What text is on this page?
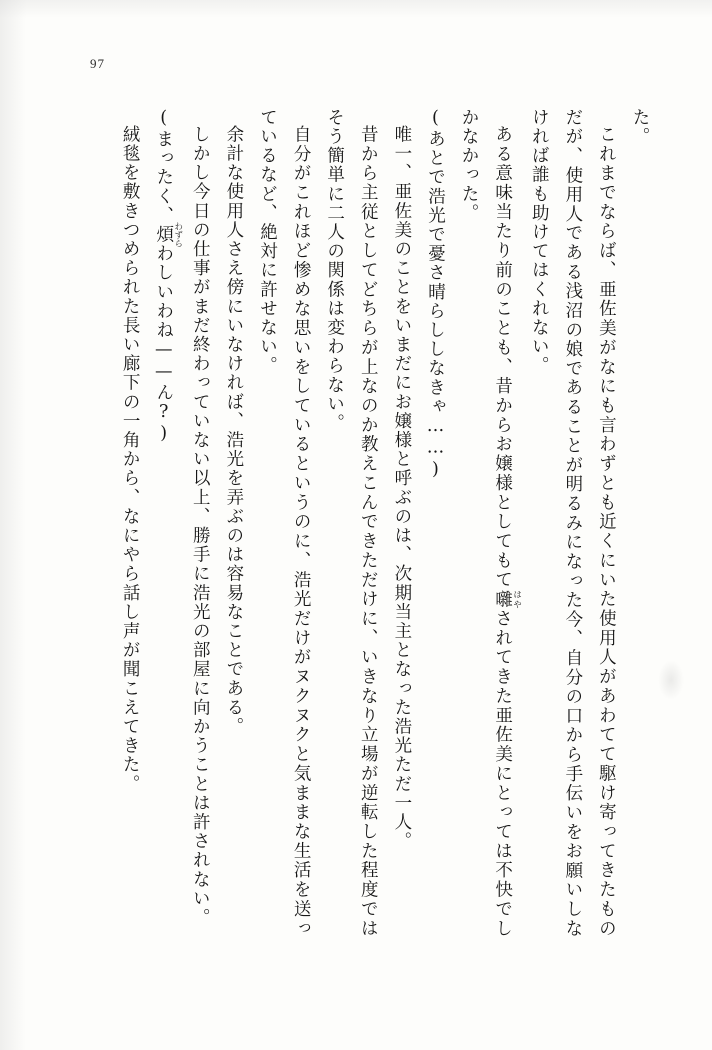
97

た。

これまでならば、亜佐美がなにも言わずとも近くにいた使用人があわてて駆け寄ってきたものだが、使用人である浅沼の娘であることが明るみになった今、自分の口から手伝いをお願いしなければ誰も助けてはくれない。

ある意味当たり前のことも、昔からお嬢様としてもて囃 はやされてきた亜佐美にとっては不快でしかなかった。

(あとで浩光で憂さ晴らししなきゃ……)

唯一、亜佐美のことをいまだにお嬢様と呼ぶのは、次期当主となった浩光ただ一人。

昔から主従としてどちらが上なのか教えこんできただけに、いきなり立場が逆転した程度ではそう簡単に二人の関係は変わらない。

自分がこれほど惨めな思いをしているというのに、浩光だけがヌクヌクと気ままな生活を送っているなど、絶対に許せない。

余計な使用人さえ傍にいなければ、浩光を弄ぶのは容易なことである。

しかし今日の仕事がまだ終わっていない以上、勝手に浩光の部屋に向かうことは許されない。

(まったく、煩 わずらわしいわね——ん?)

絨毯を敷きつめられた長い廊下の一角から、なにやら話し声が聞こえてきた。
